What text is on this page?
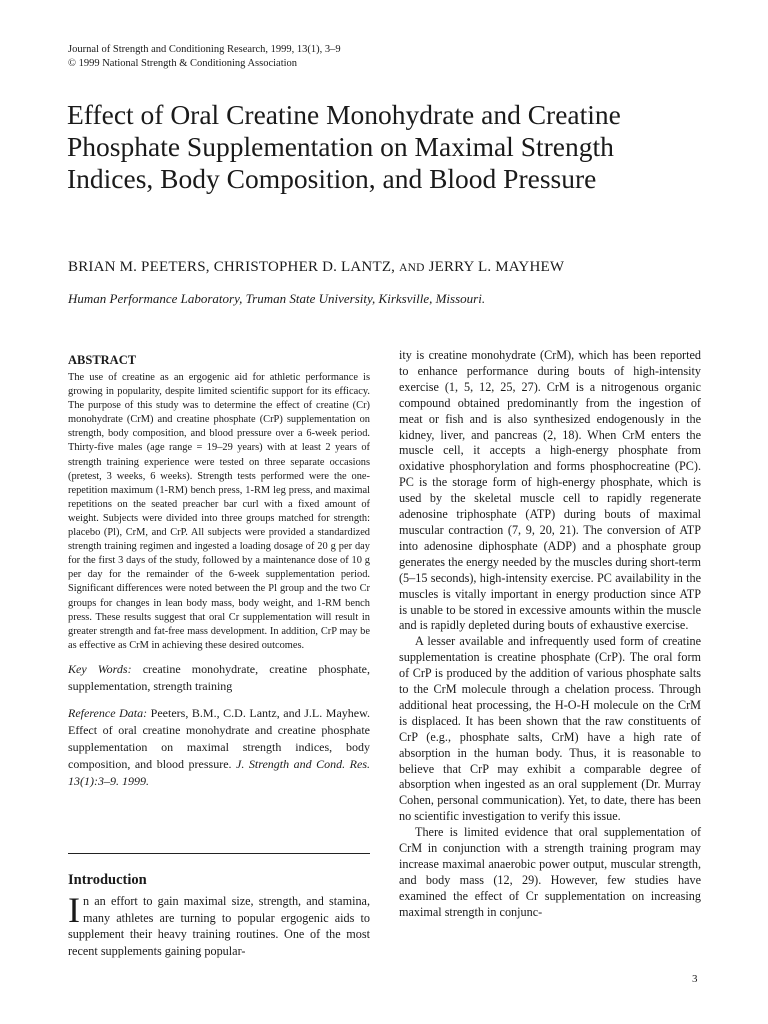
Journal of Strength and Conditioning Research, 1999, 13(1), 3–9
© 1999 National Strength & Conditioning Association
Effect of Oral Creatine Monohydrate and Creatine Phosphate Supplementation on Maximal Strength Indices, Body Composition, and Blood Pressure
BRIAN M. PEETERS, CHRISTOPHER D. LANTZ, AND JERRY L. MAYHEW
Human Performance Laboratory, Truman State University, Kirksville, Missouri.
ABSTRACT

The use of creatine as an ergogenic aid for athletic performance is growing in popularity, despite limited scientific support for its efficacy. The purpose of this study was to determine the effect of creatine (Cr) monohydrate (CrM) and creatine phosphate (CrP) supplementation on strength, body composition, and blood pressure over a 6-week period. Thirty-five males (age range = 19–29 years) with at least 2 years of strength training experience were tested on three separate occasions (pretest, 3 weeks, 6 weeks). Strength tests performed were the one-repetition maximum (1-RM) bench press, 1-RM leg press, and maximal repetitions on the seated preacher bar curl with a fixed amount of weight. Subjects were divided into three groups matched for strength: placebo (Pl), CrM, and CrP. All subjects were provided a standardized strength training regimen and ingested a loading dosage of 20 g per day for the first 3 days of the study, followed by a maintenance dose of 10 g per day for the remainder of the 6-week supplementation period. Significant differences were noted between the Pl group and the two Cr groups for changes in lean body mass, body weight, and 1-RM bench press. These results suggest that oral Cr supplementation will result in greater strength and fat-free mass development. In addition, CrP may be as effective as CrM in achieving these desired outcomes.

Key Words: creatine monohydrate, creatine phosphate, supplementation, strength training

Reference Data: Peeters, B.M., C.D. Lantz, and J.L. Mayhew. Effect of oral creatine monohydrate and creatine phosphate supplementation on maximal strength indices, body composition, and blood pressure. J. Strength and Cond. Res. 13(1):3–9. 1999.

Introduction

In an effort to gain maximal size, strength, and stamina, many athletes are turning to popular ergogenic aids to supplement their heavy training routines. One of the most recent supplements gaining popular-

ity is creatine monohydrate (CrM), which has been reported to enhance performance during bouts of high-intensity exercise (1, 5, 12, 25, 27). CrM is a nitrogenous organic compound obtained predominantly from the ingestion of meat or fish and is also synthesized endogenously in the kidney, liver, and pancreas (2, 18). When CrM enters the muscle cell, it accepts a high-energy phosphate from oxidative phosphorylation and forms phosphocreatine (PC). PC is the storage form of high-energy phosphate, which is used by the skeletal muscle cell to rapidly regenerate adenosine triphosphate (ATP) during bouts of maximal muscular contraction (7, 9, 20, 21). The conversion of ATP into adenosine diphosphate (ADP) and a phosphate group generates the energy needed by the muscles during short-term (5–15 seconds), high-intensity exercise. PC availability in the muscles is vitally important in energy production since ATP is unable to be stored in excessive amounts within the muscle and is rapidly depleted during bouts of exhaustive exercise.

A lesser available and infrequently used form of creatine supplementation is creatine phosphate (CrP). The oral form of CrP is produced by the addition of various phosphate salts to the CrM molecule through a chelation process. Through additional heat processing, the H-O-H molecule on the CrM is displaced. It has been shown that the raw constituents of CrP (e.g., phosphate salts, CrM) have a high rate of absorption in the human body. Thus, it is reasonable to believe that CrP may exhibit a comparable degree of absorption when ingested as an oral supplement (Dr. Murray Cohen, personal communication). Yet, to date, there has been no scientific investigation to verify this issue.

There is limited evidence that oral supplementation of CrM in conjunction with a strength training program may increase maximal anaerobic power output, muscular strength, and body mass (12, 29). However, few studies have examined the effect of Cr supplementation on increasing maximal strength in conjunc-

3
